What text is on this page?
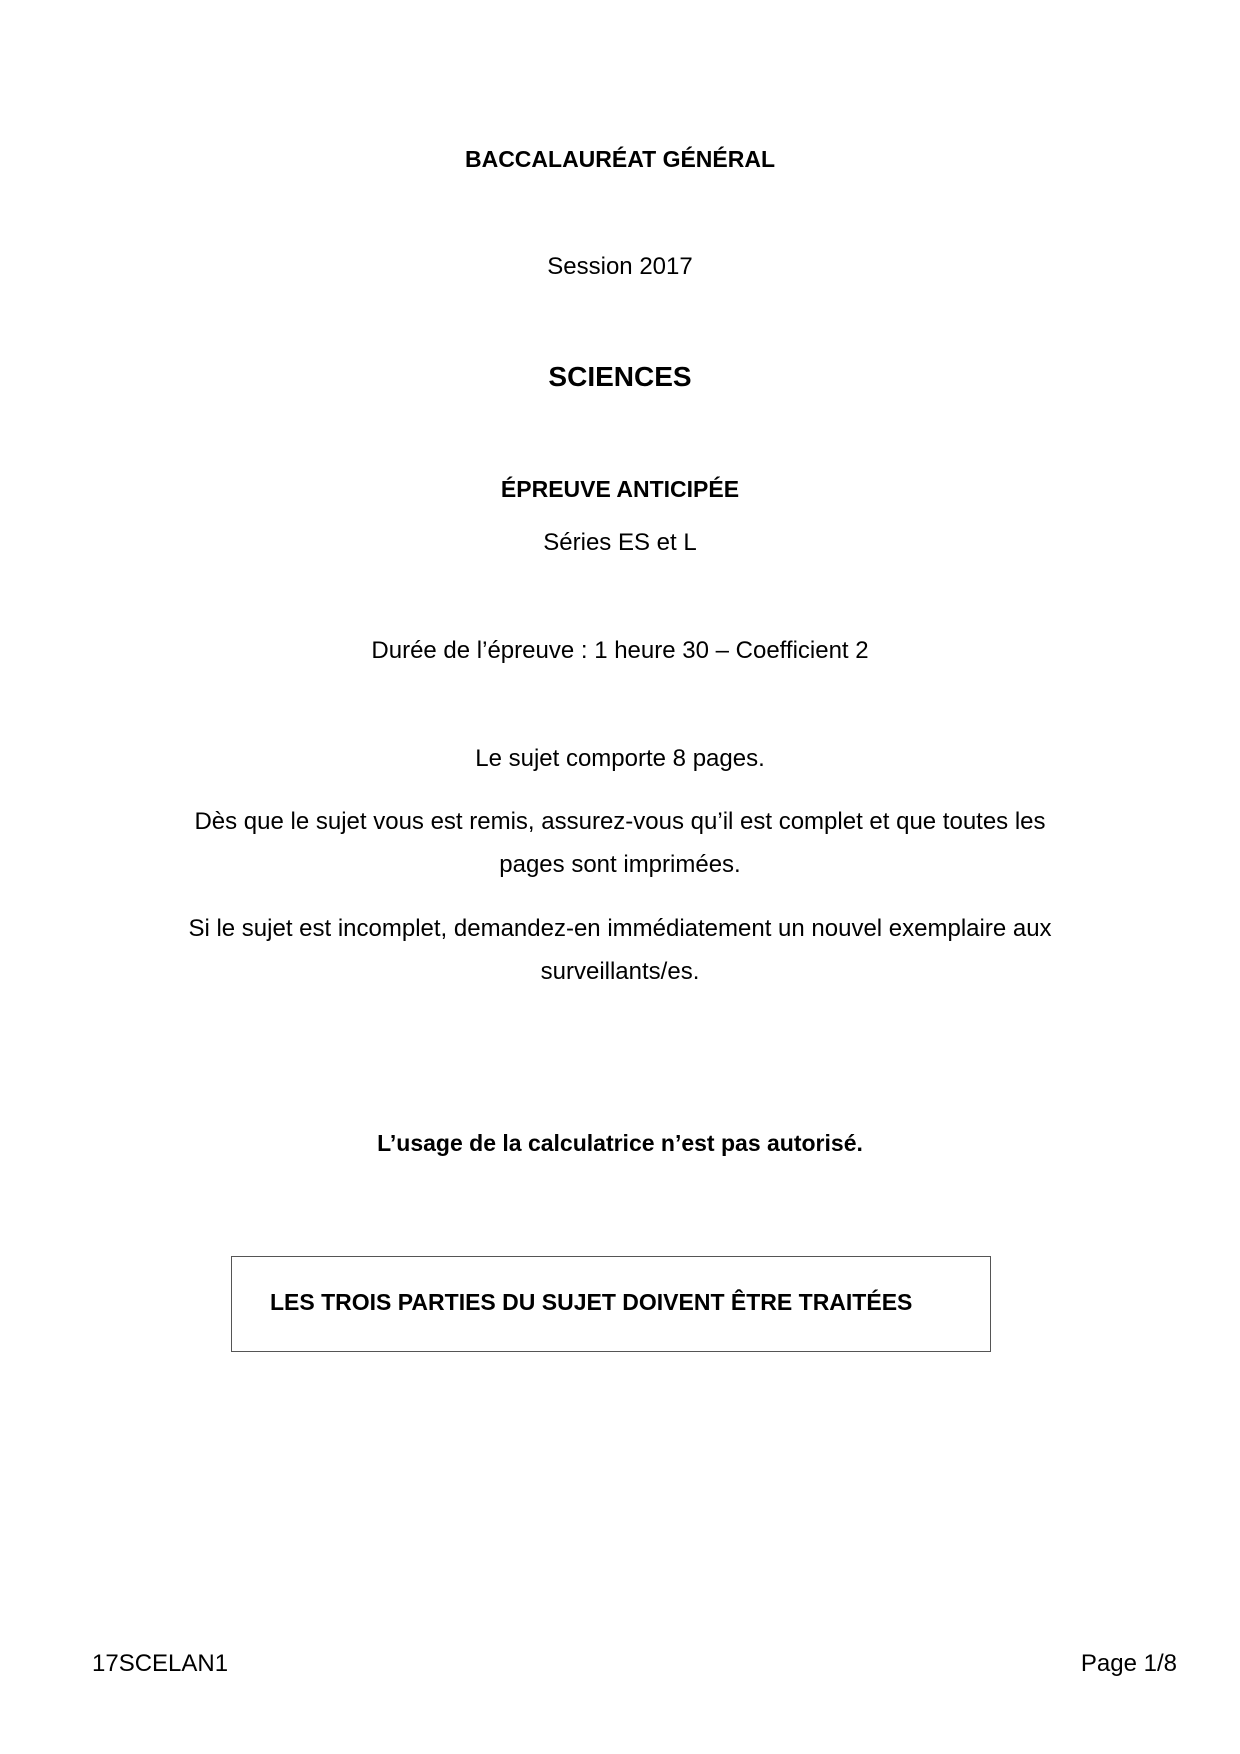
BACCALAURÉAT GÉNÉRAL
Session 2017
SCIENCES
ÉPREUVE ANTICIPÉE
Séries ES et L
Durée de l’épreuve : 1 heure 30 – Coefficient 2
Le sujet comporte 8 pages.
Dès que le sujet vous est remis, assurez-vous qu’il est complet et que toutes les
pages sont imprimées.
Si le sujet est incomplet, demandez-en immédiatement un nouvel exemplaire aux
surveillants/es.
L’usage de la calculatrice n’est pas autorisé.
LES TROIS PARTIES DU SUJET DOIVENT ÊTRE TRAITÉES
17SCELAN1	Page 1/8
